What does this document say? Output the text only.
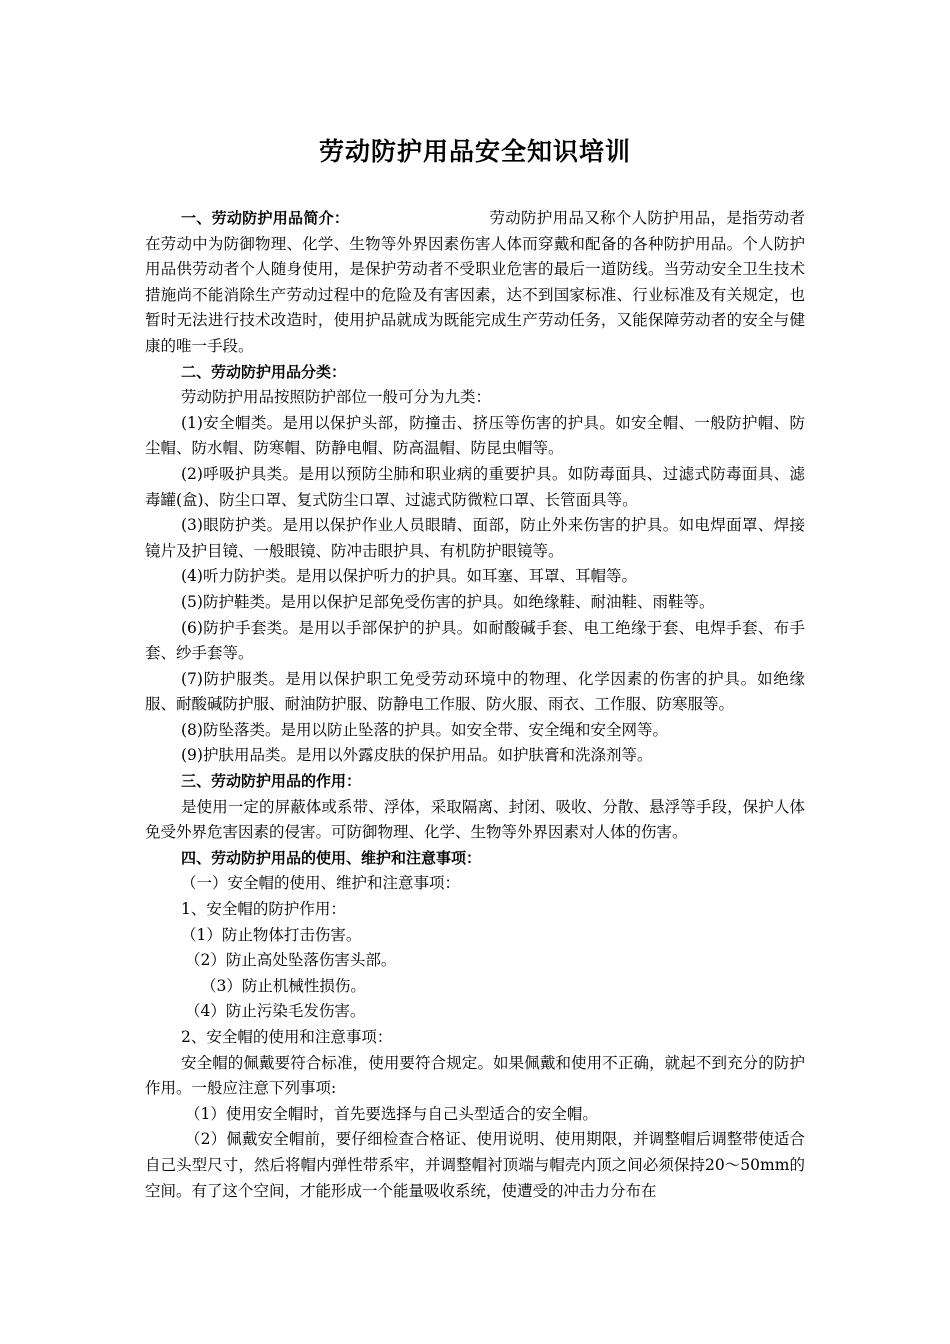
劳动防护用品安全知识培训

一、劳动防护用品简介：	劳动防护用品又称个人防护用品，是指劳动者在劳动中为防御物理、化学、生物等外界因素伤害人体而穿戴和配备的各种防护用品。个人防护用品供劳动者个人随身使用，是保护劳动者不受职业危害的最后一道防线。当劳动安全卫生技术措施尚不能消除生产劳动过程中的危险及有害因素，达不到国家标准、行业标准及有关规定，也暂时无法进行技术改造时，使用护品就成为既能完成生产劳动任务，又能保障劳动者的安全与健康的唯一手段。

二、劳动防护用品分类：

劳动防护用品按照防护部位一般可分为九类：

(1)安全帽类。是用以保护头部，防撞击、挤压等伤害的护具。如安全帽、一般防护帽、防尘帽、防水帽、防寒帽、防静电帽、防高温帽、防昆虫帽等。

(2)呼吸护具类。是用以预防尘肺和职业病的重要护具。如防毒面具、过滤式防毒面具、滤毒罐(盒)、防尘口罩、复式防尘口罩、过滤式防微粒口罩、长管面具等。

(3)眼防护类。是用以保护作业人员眼睛、面部，防止外来伤害的护具。如电焊面罩、焊接镜片及护目镜、一般眼镜、防冲击眼护具、有机防护眼镜等。

(4)听力防护类。是用以保护听力的护具。如耳塞、耳罩、耳帽等。

(5)防护鞋类。是用以保护足部免受伤害的护具。如绝缘鞋、耐油鞋、雨鞋等。

(6)防护手套类。是用以手部保护的护具。如耐酸碱手套、电工绝缘于套、电焊手套、布手套、纱手套等。

(7)防护服类。是用以保护职工免受劳动环境中的物理、化学因素的伤害的护具。如绝缘服、耐酸碱防护服、耐油防护服、防静电工作服、防火服、雨衣、工作服、防寒服等。

(8)防坠落类。是用以防止坠落的护具。如安全带、安全绳和安全网等。

(9)护肤用品类。是用以外露皮肤的保护用品。如护肤膏和洗涤剂等。

三、劳动防护用品的作用：

是使用一定的屏蔽体或系带、浮体，采取隔离、封闭、吸收、分散、悬浮等手段，保护人体免受外界危害因素的侵害。可防御物理、化学、生物等外界因素对人体的伤害。

四、劳动防护用品的使用、维护和注意事项：

（一）安全帽的使用、维护和注意事项：

1、安全帽的防护作用：

（1）防止物体打击伤害。

（2）防止高处坠落伤害头部。

（3）防止机械性损伤。

（4）防止污染毛发伤害。

2、安全帽的使用和注意事项：

安全帽的佩戴要符合标准，使用要符合规定。如果佩戴和使用不正确，就起不到充分的防护作用。一般应注意下列事项:

（1）使用安全帽时，首先要选择与自己头型适合的安全帽。

（2）佩戴安全帽前，要仔细检查合格证、使用说明、使用期限，并调整帽后调整带使适合自己头型尺寸，然后将帽内弹性带系牢，并调整帽衬顶端与帽壳内顶之间必须保持20～50mm的空间。有了这个空间，才能形成一个能量吸收系统，使遭受的冲击力分布在
